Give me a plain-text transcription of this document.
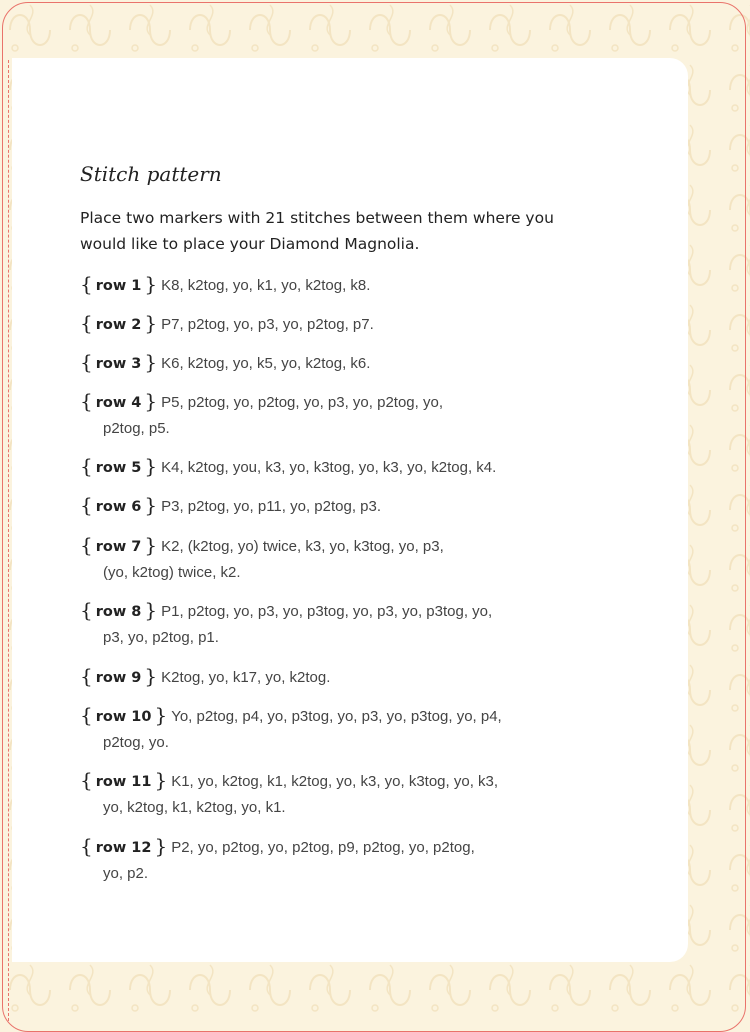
Stitch pattern
Place two markers with 21 stitches between them where you would like to place your Diamond Magnolia.
{ row 1 } K8, k2tog, yo, k1, yo, k2tog, k8.
{ row 2 } P7, p2tog, yo, p3, yo, p2tog, p7.
{ row 3 } K6, k2tog, yo, k5, yo, k2tog, k6.
{ row 4 } P5, p2tog, yo, p2tog, yo, p3, yo, p2tog, yo,
p2tog, p5.
{ row 5 } K4, k2tog, you, k3, yo, k3tog, yo, k3, yo, k2tog, k4.
{ row 6 } P3, p2tog, yo, p11, yo, p2tog, p3.
{ row 7 } K2, (k2tog, yo) twice, k3, yo, k3tog, yo, p3,
(yo, k2tog) twice, k2.
{ row 8 } P1, p2tog, yo, p3, yo, p3tog, yo, p3, yo, p3tog, yo,
p3, yo, p2tog, p1.
{ row 9 } K2tog, yo, k17, yo, k2tog.
{ row 10 } Yo, p2tog, p4, yo, p3tog, yo, p3, yo, p3tog, yo, p4,
p2tog, yo.
{ row 11 } K1, yo, k2tog, k1, k2tog, yo, k3, yo, k3tog, yo, k3,
yo, k2tog, k1, k2tog, yo, k1.
{ row 12 } P2, yo, p2tog, yo, p2tog, p9, p2tog, yo, p2tog,
yo, p2.
